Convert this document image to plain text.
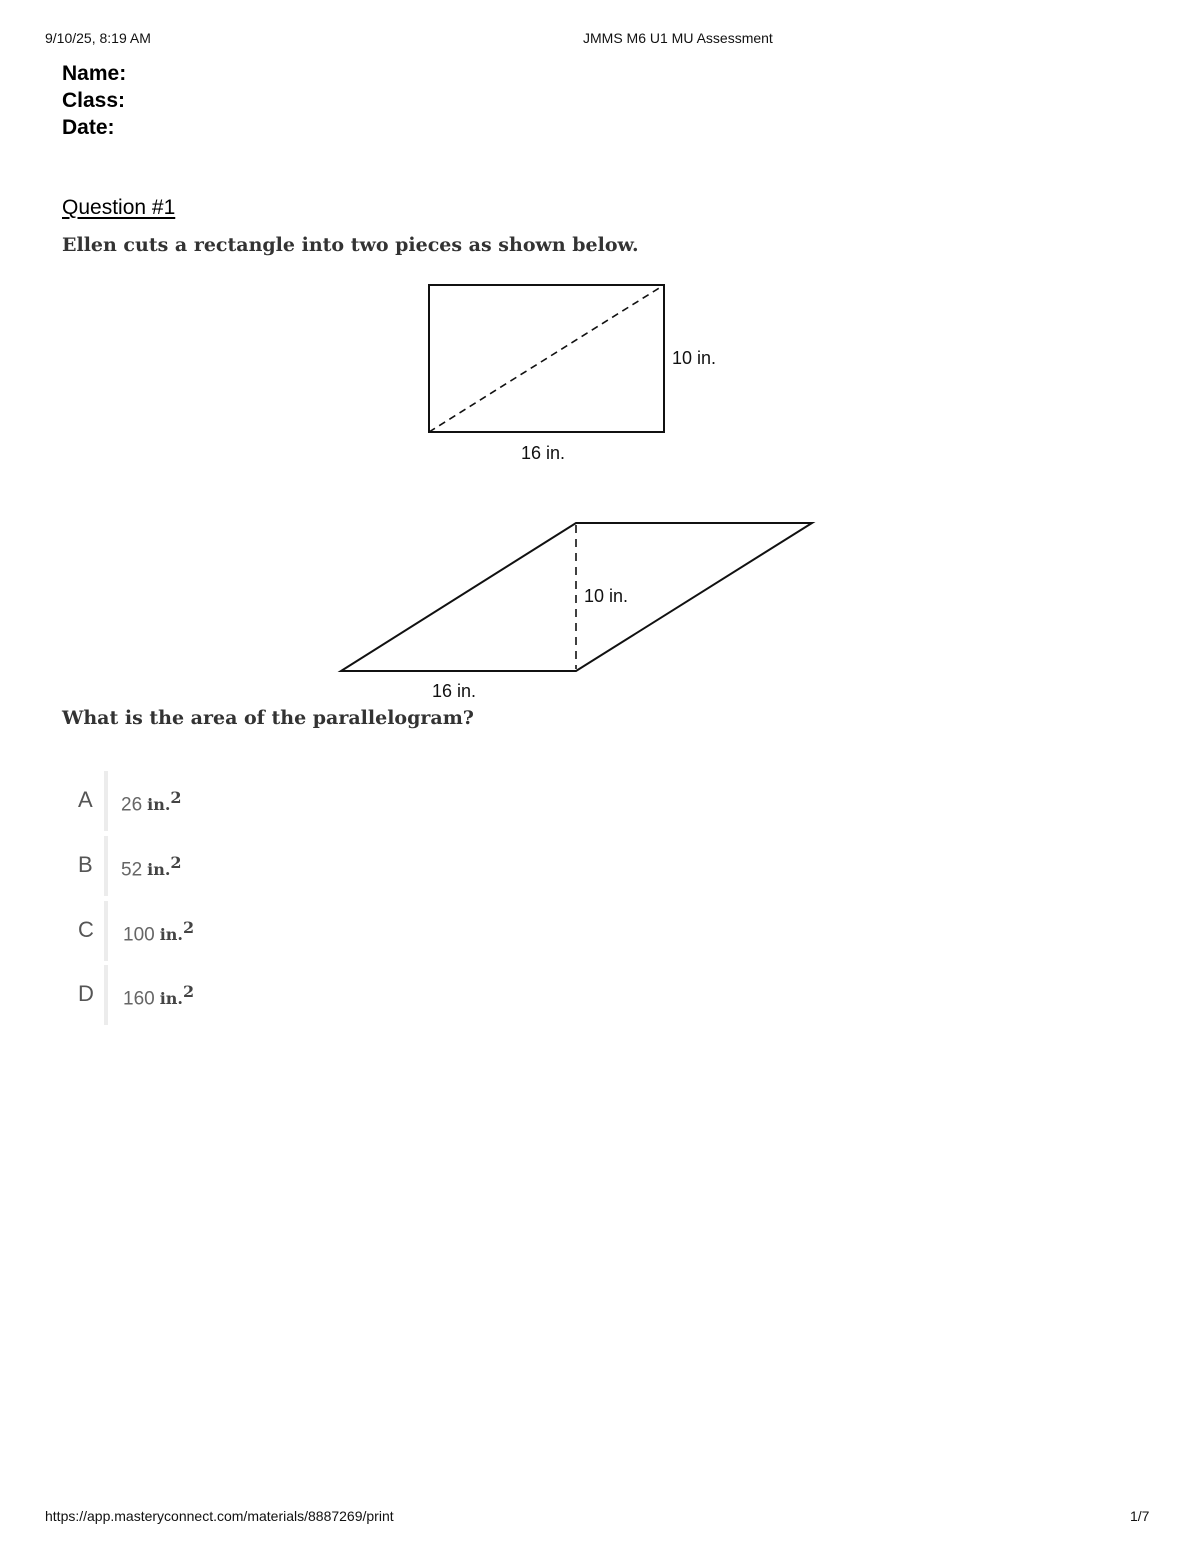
9/10/25, 8:19 AM	JMMS M6 U1 MU Assessment
Name:
Class:
Date:
Question #1
Ellen cuts a rectangle into two pieces as shown below.
10 in.
16 in.
10 in.
16 in.
What is the area of the parallelogram?
A 26 in.$^2$
B 52 in.$^2$
C 100 in.$^2$
D 160 in.$^2$
https://app.masteryconnect.com/materials/8887269/print	1/7
